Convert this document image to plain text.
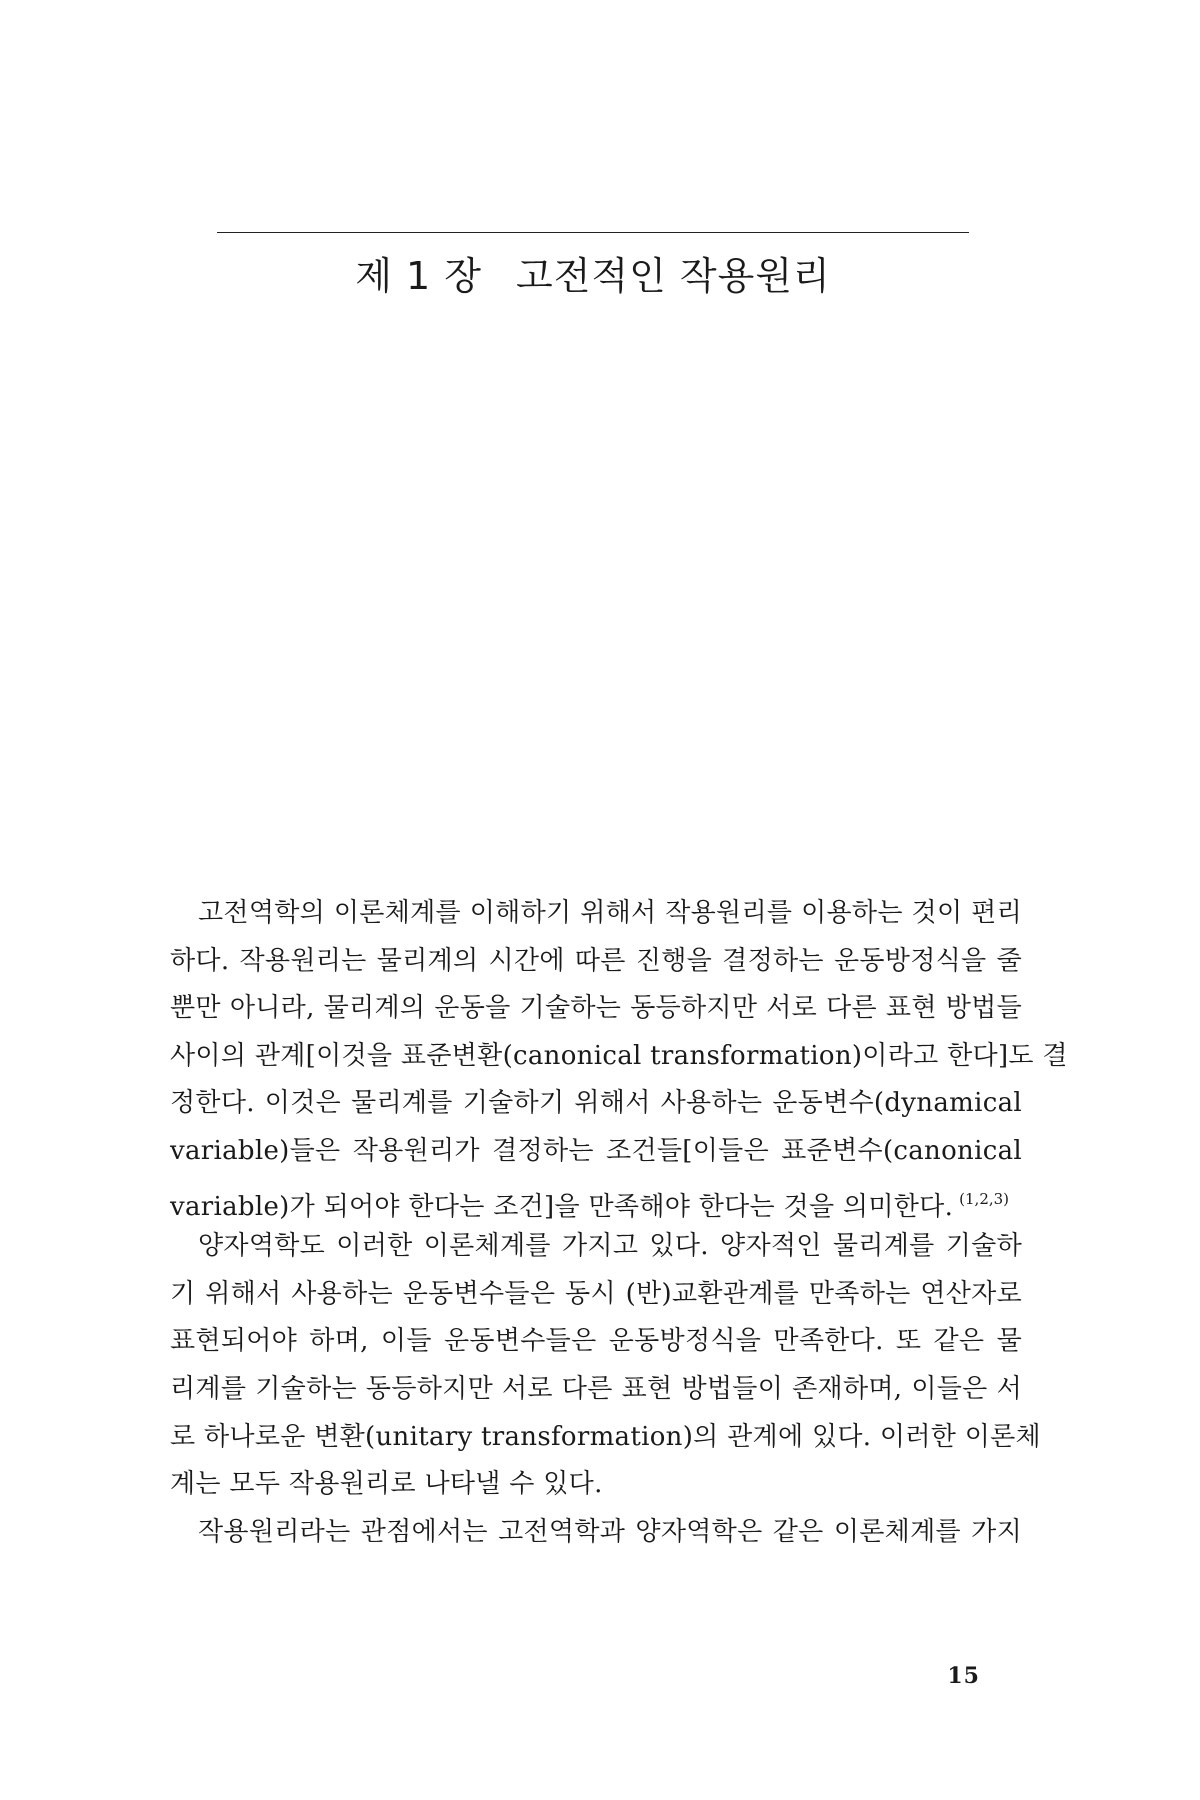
제 1 장 고전적인 작용원리
고전역학의 이론체계를 이해하기 위해서 작용원리를 이용하는 것이 편리
하다. 작용원리는 물리계의 시간에 따른 진행을 결정하는 운동방정식을 줄
뿐만 아니라, 물리계의 운동을 기술하는 동등하지만 서로 다른 표현 방법들
사이의 관계[이것을 표준변환(canonical transformation)이라고 한다]도 결
정한다. 이것은 물리계를 기술하기 위해서 사용하는 운동변수(dynamical
variable)들은 작용원리가 결정하는 조건들[이들은 표준변수(canonical
variable)가 되어야 한다는 조건]을 만족해야 한다는 것을 의미한다. $^{(1,2,3)}$
양자역학도 이러한 이론체계를 가지고 있다. 양자적인 물리계를 기술하
기 위해서 사용하는 운동변수들은 동시 (반)교환관계를 만족하는 연산자로
표현되어야 하며, 이들 운동변수들은 운동방정식을 만족한다. 또 같은 물
리계를 기술하는 동등하지만 서로 다른 표현 방법들이 존재하며, 이들은 서
로 하나로운 변환(unitary transformation)의 관계에 있다. 이러한 이론체
계는 모두 작용원리로 나타낼 수 있다.
작용원리라는 관점에서는 고전역학과 양자역학은 같은 이론체계를 가지
15
